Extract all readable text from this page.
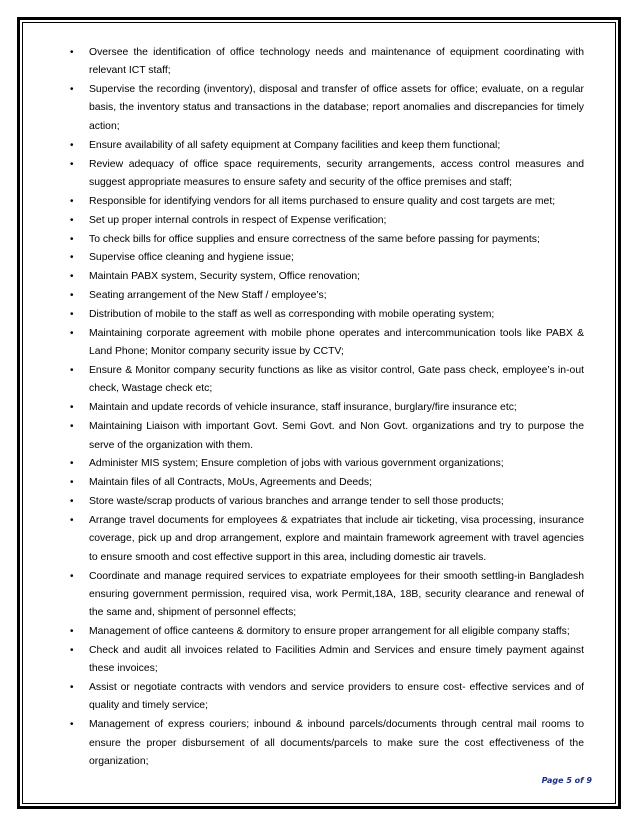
• Oversee the identification of office technology needs and maintenance of equipment coordinating with relevant ICT staff;
• Supervise the recording (inventory), disposal and transfer of office assets for office; evaluate, on a regular basis, the inventory status and transactions in the database; report anomalies and discrepancies for timely action;
• Ensure availability of all safety equipment at Company facilities and keep them functional;
• Review adequacy of office space requirements, security arrangements, access control measures and suggest appropriate measures to ensure safety and security of the office premises and staff;
• Responsible for identifying vendors for all items purchased to ensure quality and cost targets are met;
• Set up proper internal controls in respect of Expense verification;
• To check bills for office supplies and ensure correctness of the same before passing for payments;
• Supervise office cleaning and hygiene issue;
• Maintain PABX system, Security system, Office renovation;
• Seating arrangement of the New Staff / employee’s;
• Distribution of mobile to the staff as well as corresponding with mobile operating system;
• Maintaining corporate agreement with mobile phone operates and intercommunication tools like PABX & Land Phone; Monitor company security issue by CCTV;
• Ensure & Monitor company security functions as like as visitor control, Gate pass check, employee’s in-out check, Wastage check etc;
• Maintain and update records of vehicle insurance, staff insurance, burglary/fire insurance etc;
• Maintaining Liaison with important Govt. Semi Govt. and Non Govt. organizations and try to purpose the serve of the organization with them.
• Administer MIS system; Ensure completion of jobs with various government organizations;
• Maintain files of all Contracts, MoUs, Agreements and Deeds;
• Store waste/scrap products of various branches and arrange tender to sell those products;
• Arrange travel documents for employees & expatriates that include air ticketing, visa processing, insurance coverage, pick up and drop arrangement, explore and maintain framework agreement with travel agencies to ensure smooth and cost effective support in this area, including domestic air travels.
• Coordinate and manage required services to expatriate employees for their smooth settling-in Bangladesh ensuring government permission, required visa, work Permit,18A, 18B, security clearance and renewal of the same and, shipment of personnel effects;
• Management of office canteens & dormitory to ensure proper arrangement for all eligible company staffs;
• Check and audit all invoices related to Facilities Admin and Services and ensure timely payment against these invoices;
• Assist or negotiate contracts with vendors and service providers to ensure cost- effective services and of quality and timely service;
• Management of express couriers; inbound & inbound parcels/documents through central mail rooms to ensure the proper disbursement of all documents/parcels to make sure the cost effectiveness of the organization;
Page 5 of 9
